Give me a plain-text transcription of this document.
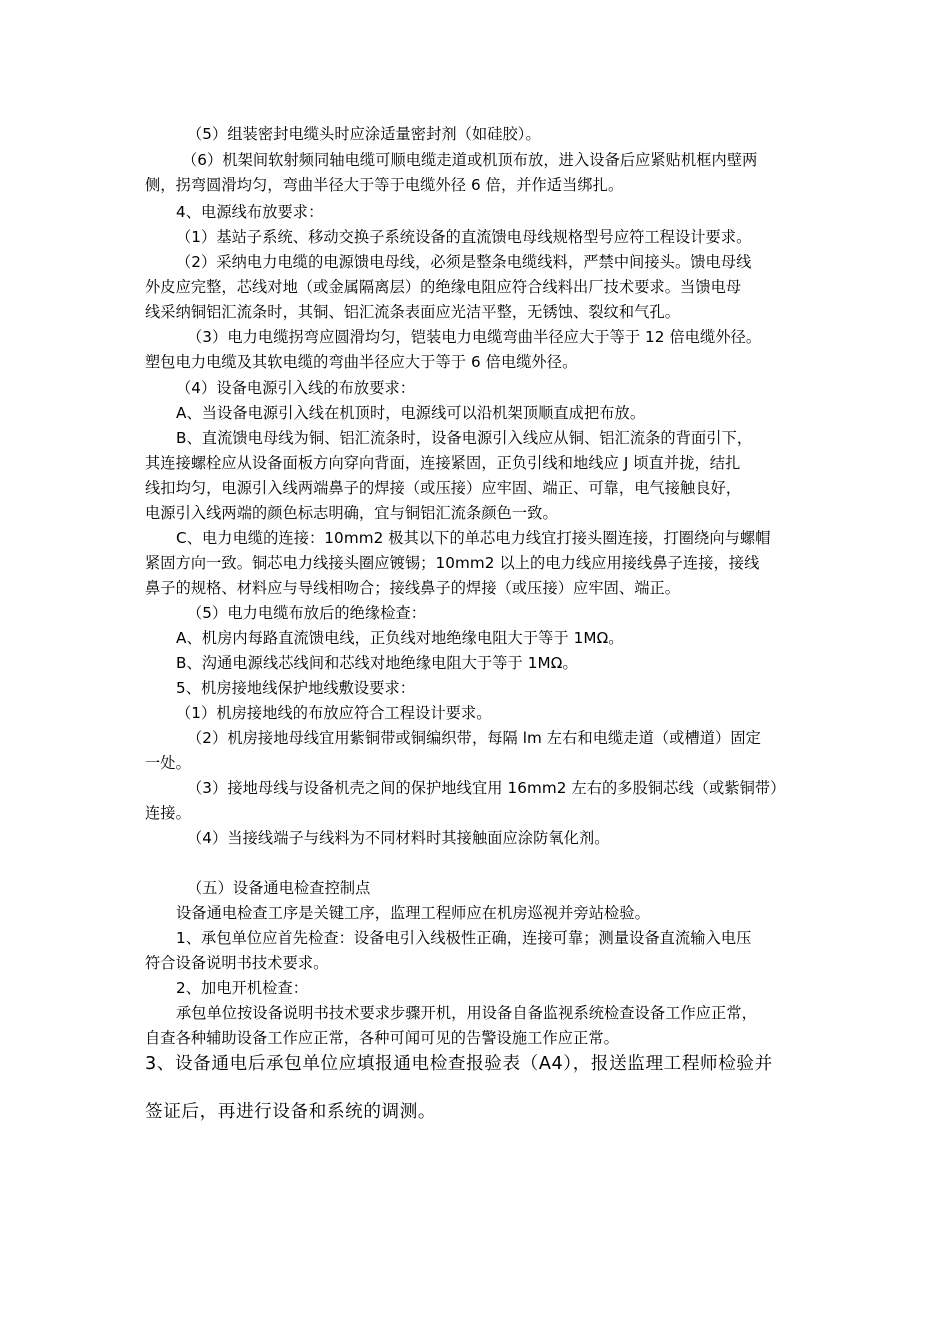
（5）组装密封电缆头时应涂适量密封剂（如硅胶）。
（6）机架间软射频同轴电缆可顺电缆走道或机顶布放，进入设备后应紧贴机框内壁两
侧，拐弯圆滑均匀，弯曲半径大于等于电缆外径 6 倍，并作适当绑扎。
4、电源线布放要求：
（1）基站子系统、移动交换子系统设备的直流馈电母线规格型号应符工程设计要求。
（2）采纳电力电缆的电源馈电母线，必须是整条电缆线料，严禁中间接头。馈电母线
外皮应完整，芯线对地（或金属隔离层）的绝缘电阻应符合线料出厂技术要求。当馈电母
线采纳铜铝汇流条时，其铜、铝汇流条表面应光洁平整，无锈蚀、裂纹和气孔。
（3）电力电缆拐弯应圆滑均匀，铠装电力电缆弯曲半径应大于等于 12 倍电缆外径。
塑包电力电缆及其软电缆的弯曲半径应大于等于 6 倍电缆外径。
（4）设备电源引入线的布放要求：
A、当设备电源引入线在机顶时，电源线可以沿机架顶顺直成把布放。
B、直流馈电母线为铜、铝汇流条时，设备电源引入线应从铜、铝汇流条的背面引下，
其连接螺栓应从设备面板方向穿向背面，连接紧固，正负引线和地线应 J 顷直并拢，结扎
线扣均匀，电源引入线两端鼻子的焊接（或压接）应牢固、端正、可靠，电气接触良好，
电源引入线两端的颜色标志明确，宜与铜铝汇流条颜色一致。
C、电力电缆的连接：10mm2 极其以下的单芯电力线宜打接头圈连接，打圈绕向与螺帽
紧固方向一致。铜芯电力线接头圈应镀锡；10mm2 以上的电力线应用接线鼻子连接，接线
鼻子的规格、材料应与导线相吻合；接线鼻子的焊接（或压接）应牢固、端正。
（5）电力电缆布放后的绝缘检查：
A、机房内每路直流馈电线，正负线对地绝缘电阻大于等于 1MΩ。
B、沟通电源线芯线间和芯线对地绝缘电阻大于等于 1MΩ。
5、机房接地线保护地线敷设要求：
（1）机房接地线的布放应符合工程设计要求。
（2）机房接地母线宜用紫铜带或铜编织带，每隔 lm 左右和电缆走道（或槽道）固定
一处。
（3）接地母线与设备机壳之间的保护地线宜用 16mm2 左右的多股铜芯线（或紫铜带）
连接。
（4）当接线端子与线料为不同材料时其接触面应涂防氧化剂。
（五）设备通电检查控制点
设备通电检查工序是关键工序，监理工程师应在机房巡视并旁站检验。
1、承包单位应首先检查：设备电引入线极性正确，连接可靠；测量设备直流输入电压
符合设备说明书技术要求。
2、加电开机检查：
承包单位按设备说明书技术要求步骤开机，用设备自备监视系统检查设备工作应正常，
自查各种辅助设备工作应正常，各种可闻可见的告警设施工作应正常。
3、设备通电后承包单位应填报通电检查报验表（A4），报送监理工程师检验并
签证后，再进行设备和系统的调测。
